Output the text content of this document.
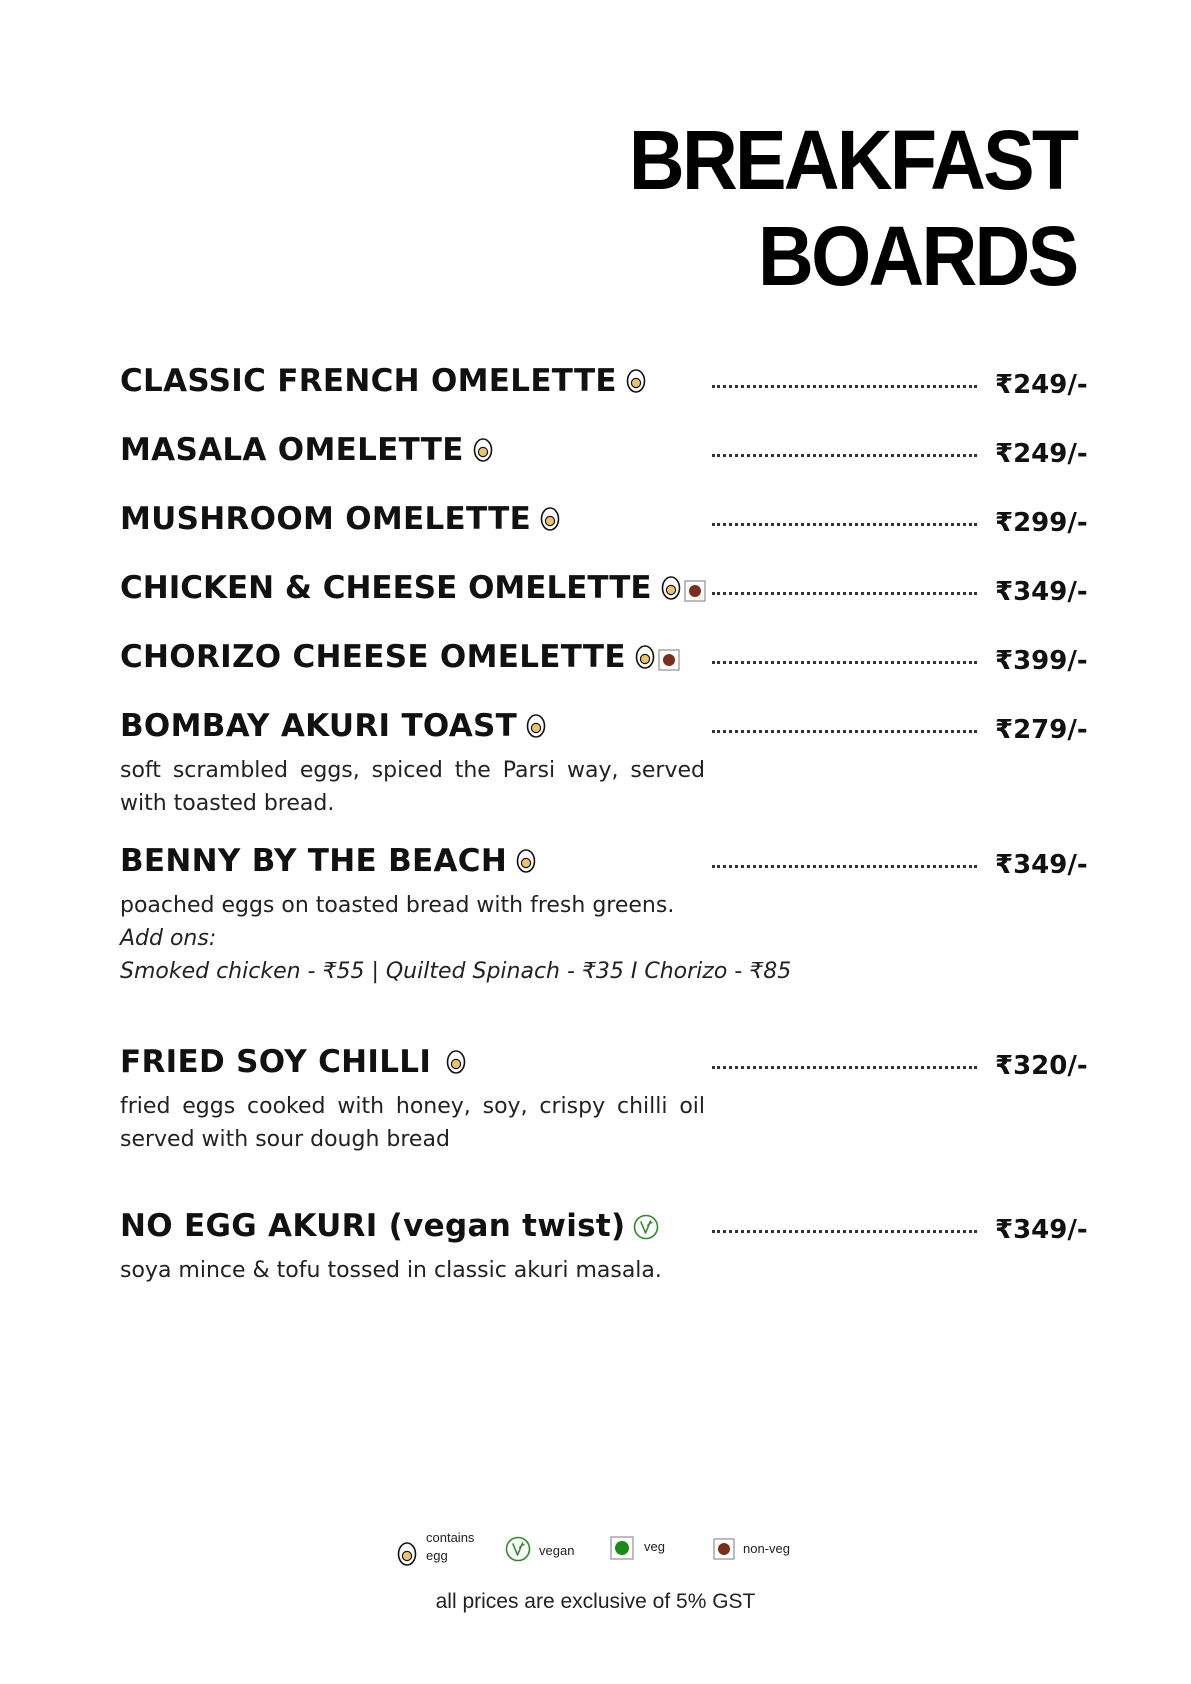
BREAKFAST
BOARDS
CLASSIC FRENCH OMELETTE	₹249/-
MASALA OMELETTE	₹249/-
MUSHROOM OMELETTE	₹299/-
CHICKEN & CHEESE OMELETTE	₹349/-
CHORIZO CHEESE OMELETTE	₹399/-
BOMBAY AKURI TOAST	₹279/-
soft scrambled eggs, spiced the Parsi way, served with toasted bread.
BENNY BY THE BEACH	₹349/-
poached eggs on toasted bread with fresh greens.
Add ons:
Smoked chicken - ₹55 | Quilted Spinach - ₹35 I Chorizo - ₹85
FRIED SOY CHILLI	₹320/-
fried eggs cooked with honey, soy, crispy chilli oil served with sour dough bread
NO EGG AKURI (vegan twist)	₹349/-
soya mince & tofu tossed in classic akuri masala.
contains
egg	vegan	veg	non-veg
all prices are exclusive of 5% GST
